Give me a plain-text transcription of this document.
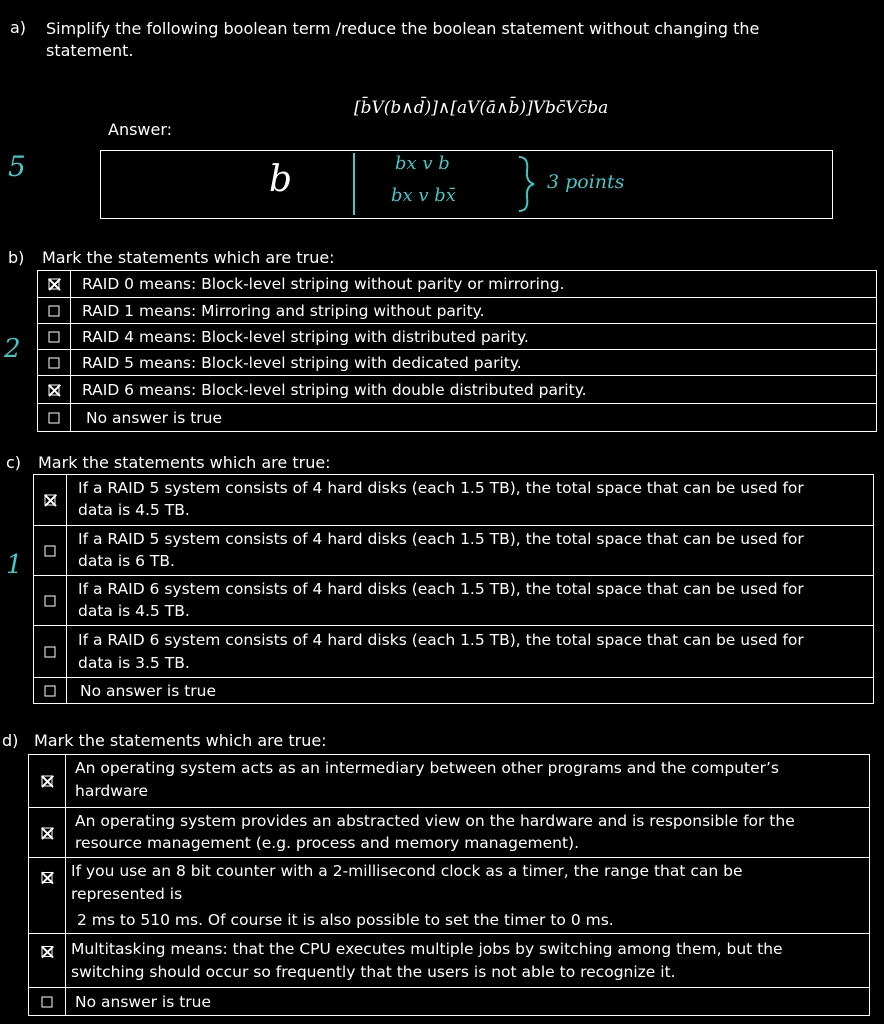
a) Simplify the following boolean term /reduce the boolean statement without changing the statement.
[b̄V(b∧d̄)]∧[aV(ā∧b̄)]Vbc̄Vc̄ba
Answer:
5	b	bx v b
bx v bx̄
3 points
b) Mark the statements which are true:
2
RAID 0 means: Block-level striping without parity or mirroring.
RAID 1 means: Mirroring and striping without parity.
RAID 4 means: Block-level striping with distributed parity.
RAID 5 means: Block-level striping with dedicated parity.
RAID 6 means: Block-level striping with double distributed parity.
No answer is true
c) Mark the statements which are true:
1
If a RAID 5 system consists of 4 hard disks (each 1.5 TB), the total space that can be used for
data is 4.5 TB.
If a RAID 5 system consists of 4 hard disks (each 1.5 TB), the total space that can be used for
data is 6 TB.
If a RAID 6 system consists of 4 hard disks (each 1.5 TB), the total space that can be used for
data is 4.5 TB.
If a RAID 6 system consists of 4 hard disks (each 1.5 TB), the total space that can be used for
data is 3.5 TB.
No answer is true
d) Mark the statements which are true:
An operating system acts as an intermediary between other programs and the computer’s
hardware
An operating system provides an abstracted view on the hardware and is responsible for the
resource management (e.g. process and memory management).
If you use an 8 bit counter with a 2-millisecond clock as a timer, the range that can be
represented is
2 ms to 510 ms. Of course it is also possible to set the timer to 0 ms.
Multitasking means: that the CPU executes multiple jobs by switching among them, but the
switching should occur so frequently that the users is not able to recognize it.
No answer is true
